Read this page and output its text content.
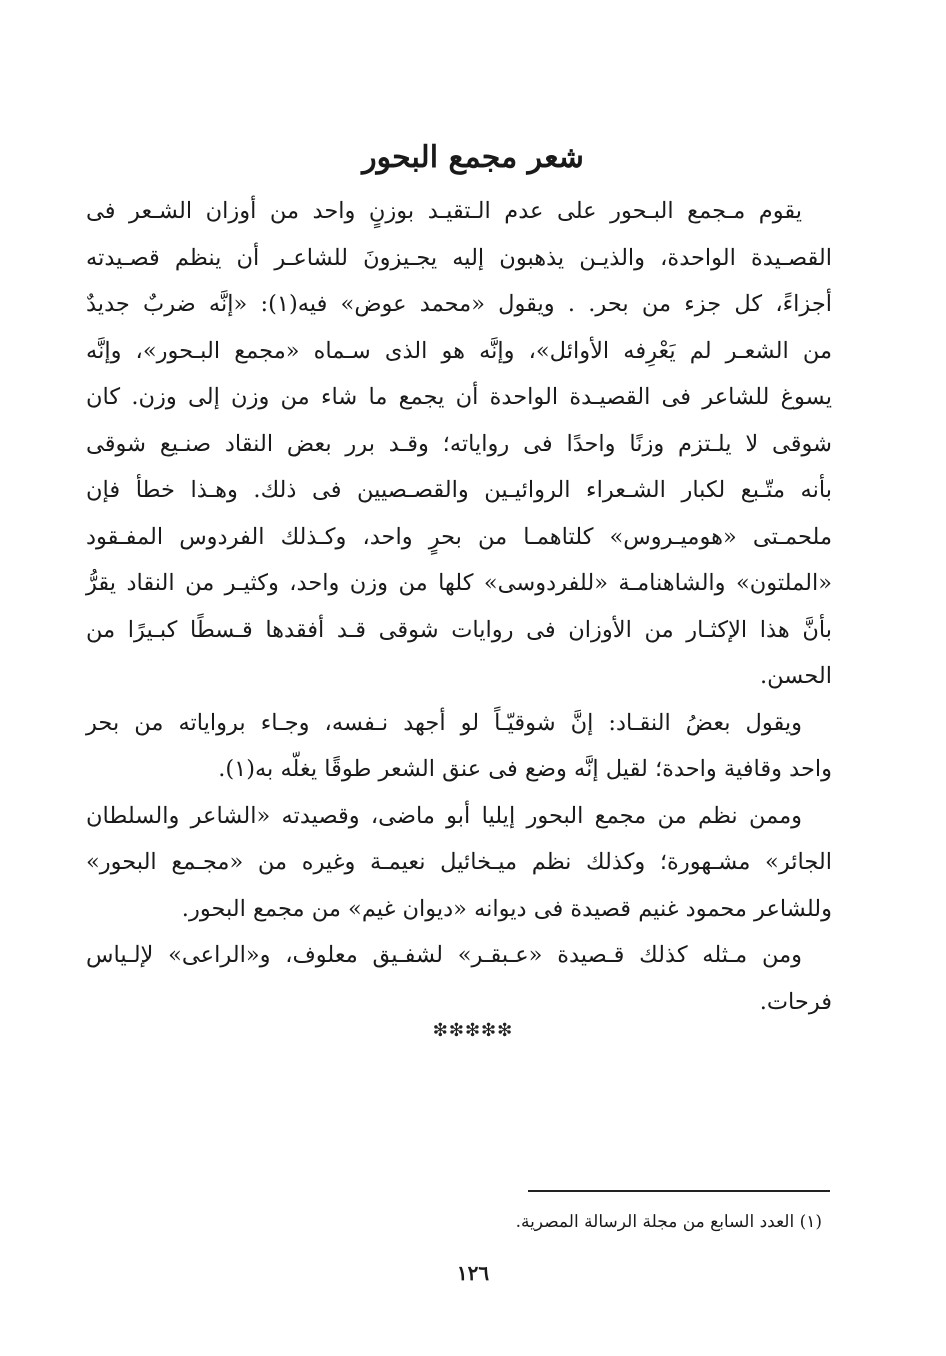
شعر مجمع البحور
يقوم مـجمع البـحور على عدم الـتقيـد بوزنٍ واحد من أوزان الشـعر فى
القصـيدة الواحدة، والذيـن يذهبون إليه يجـيزونَ للشاعـر أن ينظم قصـيدته
أجزاءً، كل جزء من بحر. . ويقول «محمد عوض» فيه(١): «إنَّه ضربٌ جديدٌ
من الشعـر لم يَعْرِفه الأوائل»، وإنَّه هو الذى سـماه «مجمع البـحور»، وإنَّه
يسوغ للشاعر فى القصيـدة الواحدة أن يجمع ما شاء من وزن إلى وزن. كان
شوقى لا يلـتزم وزنًا واحدًا فى رواياته؛ وقـد برر بعض النقاد صنـيع شوقى
بأنه متّـبع لكبار الشـعراء الروائيـين والقصـصيين فى ذلك. وهـذا خطأ فإن
ملحمـتى «هوميـروس» كلتاهمـا من بحرٍ واحد، وكـذلك الفردوس المفـقود
«الملتون» والشاهنامـة «للفردوسى» كلها من وزن واحد، وكثيـر من النقاد يقرُّ
بأنَّ هذا الإكثـار من الأوزان فى روايات شوقى قـد أفقدها قـسطًا كبـيرًا من
الحسن.
ويقول بعضُ النقـاد: إنَّ شوقيّـاً لو أجهد نـفسه، وجـاء برواياته من بحر
واحد وقافية واحدة؛ لقيل إنَّه وضع فى عنق الشعر طوقًا يغلّه به(١).
وممن نظم من مجمع البحور إيليا أبو ماضى، وقصيدته «الشاعر والسلطان
الجائر» مشـهورة؛ وكذلك نظم ميـخائيل نعيمـة وغيره من «مجـمع البحور»
وللشاعر محمود غنيم قصيدة فى ديوانه «ديوان غيم» من مجمع البحور.
ومن مـثله كذلك قـصيدة «عـبقـر» لشفـيق معلوف، و«الراعى» لإلـياس
فرحات.
❇❇❇❇❇
(١) العدد السابع من مجلة الرسالة المصرية.
١٢٦
